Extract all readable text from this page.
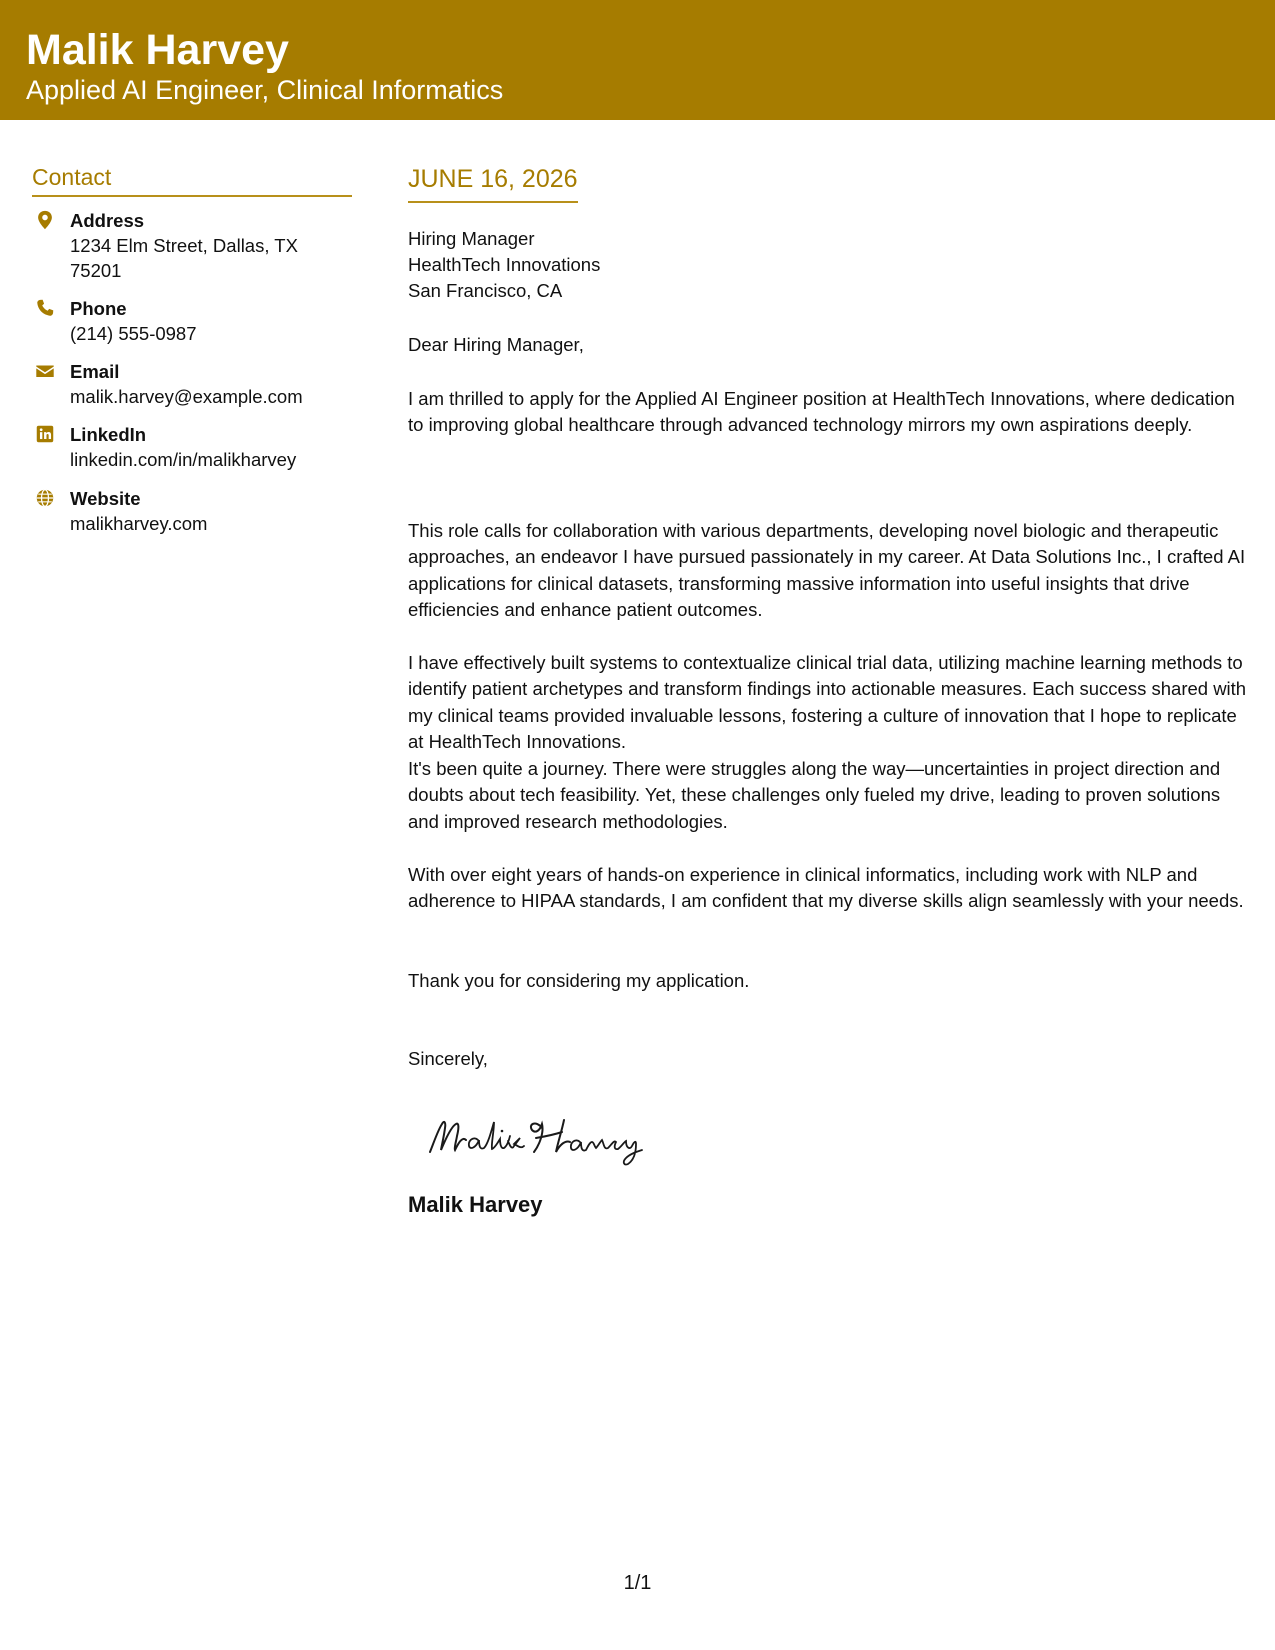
Malik Harvey
Applied AI Engineer, Clinical Informatics
Contact
Address
1234 Elm Street, Dallas, TX 75201
Phone
(214) 555-0987
Email
malik.harvey@example.com
LinkedIn
linkedin.com/in/malikharvey
Website
malikharvey.com
JUNE 16, 2026
Hiring Manager
HealthTech Innovations
San Francisco, CA
Dear Hiring Manager,

I am thrilled to apply for the Applied AI Engineer position at HealthTech Innovations, where dedication to improving global healthcare through advanced technology mirrors my own aspirations deeply.

This role calls for collaboration with various departments, developing novel biologic and therapeutic approaches, an endeavor I have pursued passionately in my career. At Data Solutions Inc., I crafted AI applications for clinical datasets, transforming massive information into useful insights that drive efficiencies and enhance patient outcomes.

I have effectively built systems to contextualize clinical trial data, utilizing machine learning methods to identify patient archetypes and transform findings into actionable measures. Each success shared with my clinical teams provided invaluable lessons, fostering a culture of innovation that I hope to replicate at HealthTech Innovations.

It's been quite a journey. There were struggles along the way—uncertainties in project direction and doubts about tech feasibility. Yet, these challenges only fueled my drive, leading to proven solutions and improved research methodologies.

With over eight years of hands-on experience in clinical informatics, including work with NLP and adherence to HIPAA standards, I am confident that my diverse skills align seamlessly with your needs.

Thank you for considering my application.

Sincerely,
Malik Harvey
1/1
